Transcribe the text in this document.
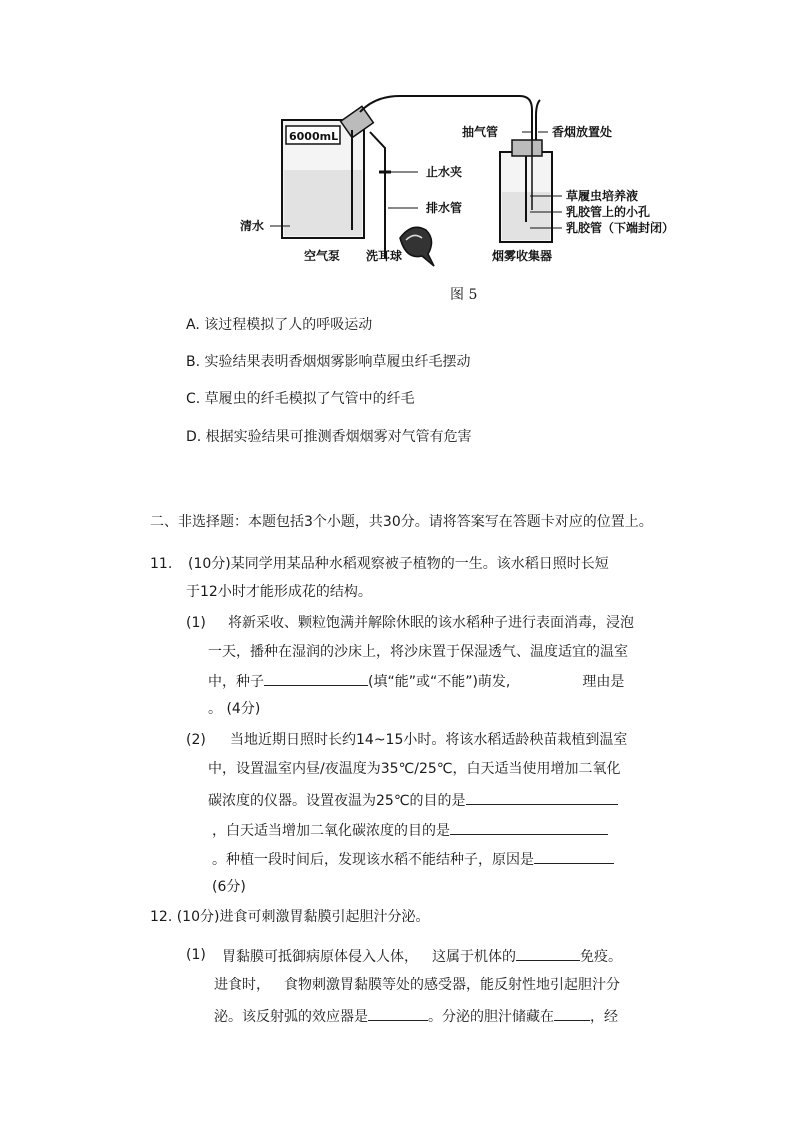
6000mL
清水
空气泵 洗耳球	烟雾收集器
止水夹
排水管
抽气管	香烟放置处
草履虫培养液
乳胶管上的小孔
乳胶管（下端封闭）
图 5
A. 该过程模拟了人的呼吸运动
B. 实验结果表明香烟烟雾影响草履虫纤毛摆动
C. 草履虫的纤毛模拟了气管中的纤毛
D. 根据实验结果可推测香烟烟雾对气管有危害
二、非选择题：本题包括3个小题，共30分。请将答案写在答题卡对应的位置上。
11. (10分)某同学用某品种水稻观察被子植物的一生。该水稻日照时长短
于12小时才能形成花的结构。
(1) 将新采收、颗粒饱满并解除休眠的该水稻种子进行表面消毒，浸泡
一天，播种在湿润的沙床上，将沙床置于保湿透气、温度适宜的温室
中，种子	(填“能”或“不能”)萌发,	理由是
。 (4分)
(2) 当地近期日照时长约14~15小时。将该水稻适龄秧苗栽植到温室
中，设置温室内昼/夜温度为35℃/25℃，白天适当使用增加二氧化
碳浓度的仪器。设置夜温为25℃的目的是
，白天适当增加二氧化碳浓度的目的是
。种植一段时间后，发现该水稻不能结种子，原因是
(6分)
12. (10分)进食可刺激胃黏膜引起胆汁分泌。
(1) 胃黏膜可抵御病原体侵入人体， 这属于机体的	免疫。
进食时， 食物刺激胃黏膜等处的感受器，能反射性地引起胆汁分
泌。该反射弧的效应器是	。分泌的胆汁储藏在	，经
